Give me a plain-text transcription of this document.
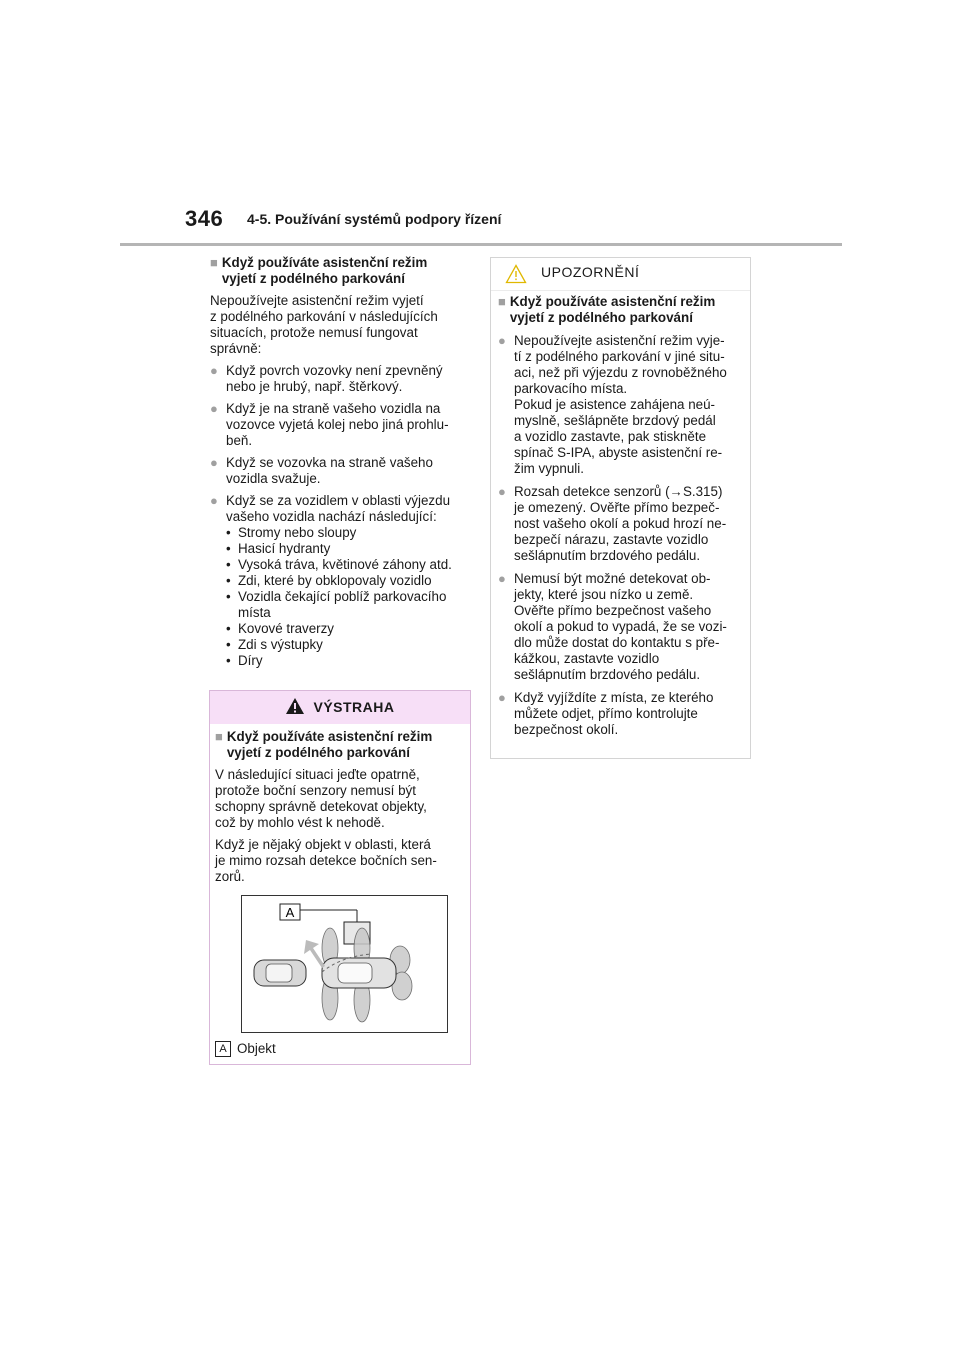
346 4-5. Používání systémů podpory řízení
■ Když používáte asistenční režim

vyjetí z podélného parkování

Nepoužívejte asistenční režim vyjetí

z podélného parkování v následujících

situacích, protože nemusí fungovat

správně:

● Když povrch vozovky není zpevněný

nebo je hrubý, např. štěrkový.

● Když je na straně vašeho vozidla na

vozovce vyjetá kolej nebo jiná prohlu-

beň.

● Když se vozovka na straně vašeho

vozidla svažuje.

● Když se za vozidlem v oblasti výjezdu

vašeho vozidla nachází následující:

• Stromy nebo sloupy
• Hasicí hydranty
• Vysoká tráva, květinové záhony atd.
• Zdi, které by obklopovaly vozidlo
• Vozidla čekající poblíž parkovacího

místa

• Kovové traverzy
• Zdi s výstupky
• Díry
VÝSTRAHA
■ Když používáte asistenční režim

vyjetí z podélného parkování

V následující situaci jeďte opatrně,

protože boční senzory nemusí být

schopny správně detekovat objekty,

což by mohlo vést k nehodě.

Když je nějaký objekt v oblasti, která

je mimo rozsah detekce bočních sen-

zorů.

A
A Objekt
UPOZORNĚNÍ
■ Když používáte asistenční režim

vyjetí z podélného parkování

● Nepoužívejte asistenční režim vyje-

tí z podélného parkování v jiné situ-

aci, než při výjezdu z rovnoběžného

parkovacího místa.

Pokud je asistence zahájena neú-

myslně, sešlápněte brzdový pedál

a vozidlo zastavte, pak stiskněte

spínač S-IPA, abyste asistenční re-

žim vypnuli.

● Rozsah detekce senzorů (→S.315)

je omezený. Ověřte přímo bezpeč-

nost vašeho okolí a pokud hrozí ne-

bezpečí nárazu, zastavte vozidlo

sešlápnutím brzdového pedálu.

● Nemusí být možné detekovat ob-

jekty, které jsou nízko u země.

Ověřte přímo bezpečnost vašeho

okolí a pokud to vypadá, že se vozi-

dlo může dostat do kontaktu s pře-

kážkou, zastavte vozidlo

sešlápnutím brzdového pedálu.

● Když vyjíždíte z místa, ze kterého

můžete odjet, přímo kontrolujte

bezpečnost okolí.
